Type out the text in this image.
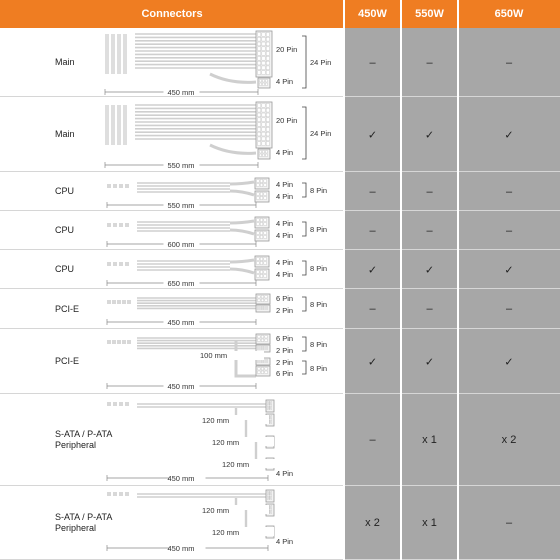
Connectors	450W	550W	650W
Main	–	–	–
Main	✓	✓	✓
CPU	–	–	–
CPU	–	–	–
CPU	✓	✓	✓
PCI-E	–	–	–
PCI-E	✓	✓	✓
S-ATA / P-ATA
Peripheral	–	x 1	x 2
S-ATA / P-ATA
Peripheral	x 2	x 1	–
450 mm
20 Pin
4 Pin
24 Pin
550 mm
20 Pin
4 Pin
24 Pin
550 mm
4 Pin
4 Pin
8 Pin
600 mm
4 Pin
4 Pin
8 Pin
650 mm
4 Pin
4 Pin
8 Pin
450 mm
6 Pin
2 Pin
8 Pin
100 mm
450 mm
6 Pin
2 Pin
2 Pin
6 Pin
8 Pin
8 Pin
120 mm
120 mm
120 mm
4 Pin
450 mm
120 mm
120 mm
4 Pin
450 mm
